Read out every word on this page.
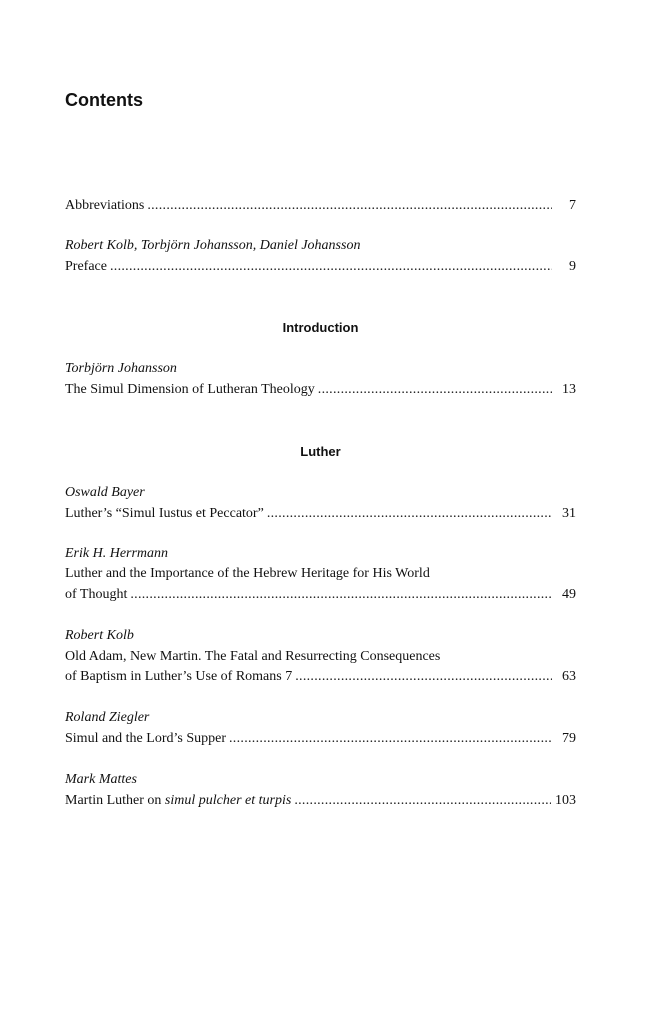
Contents
Abbreviations . . .	7
Robert Kolb, Torbjörn Johansson, Daniel Johansson
Preface . . .	9
Introduction
Torbjörn Johansson
The Simul Dimension of Lutheran Theology . . .	13
Luther
Oswald Bayer
Luther’s “Simul Iustus et Peccator” . . .	31
Erik H. Herrmann
Luther and the Importance of the Hebrew Heritage for His World
of Thought . . .	49
Robert Kolb
Old Adam, New Martin. The Fatal and Resurrecting Consequences
of Baptism in Luther’s Use of Romans 7 . . .	63
Roland Ziegler
Simul and the Lord’s Supper . . .	79
Mark Mattes
Martin Luther on simul pulcher et turpis . . .	103
